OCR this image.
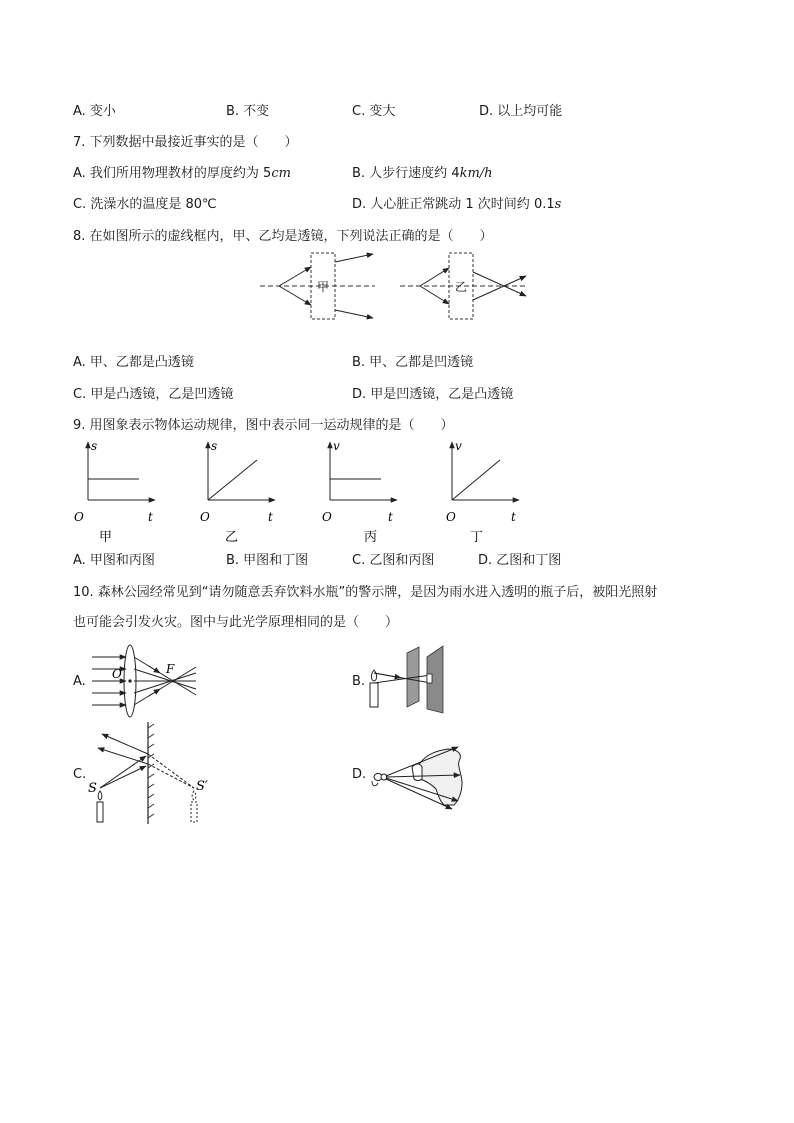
A. 变小	B. 不变	C. 变大	D. 以上均可能
7. 下列数据中最接近事实的是（　　）
A. 我们所用物理教材的厚度约为 5cm	B. 人步行速度约 4km/h
C. 洗澡水的温度是 80℃	D. 人心脏正常跳动 1 次时间约 0.1s
8. 在如图所示的虚线框内，甲、乙均是透镜，下列说法正确的是（　　）
甲	乙
A. 甲、乙都是凸透镜	B. 甲、乙都是凹透镜
C. 甲是凸透镜，乙是凹透镜	D. 甲是凹透镜，乙是凸透镜
9. 用图象表示物体运动规律，图中表示同一运动规律的是（　　）
s
t
O
甲
s
t
O
乙
v
t
O
丙
v
t
O
丁
A. 甲图和丙图	B. 甲图和丁图	C. 乙图和丙图	D. 乙图和丁图
10. 森林公园经常见到“请勿随意丢弃饮料水瓶”的警示牌，是因为雨水进入透明的瓶子后，被阳光照射
也可能会引发火灾。图中与此光学原理相同的是（　　）
A. O	F
B.
C.
S	S′
D.
